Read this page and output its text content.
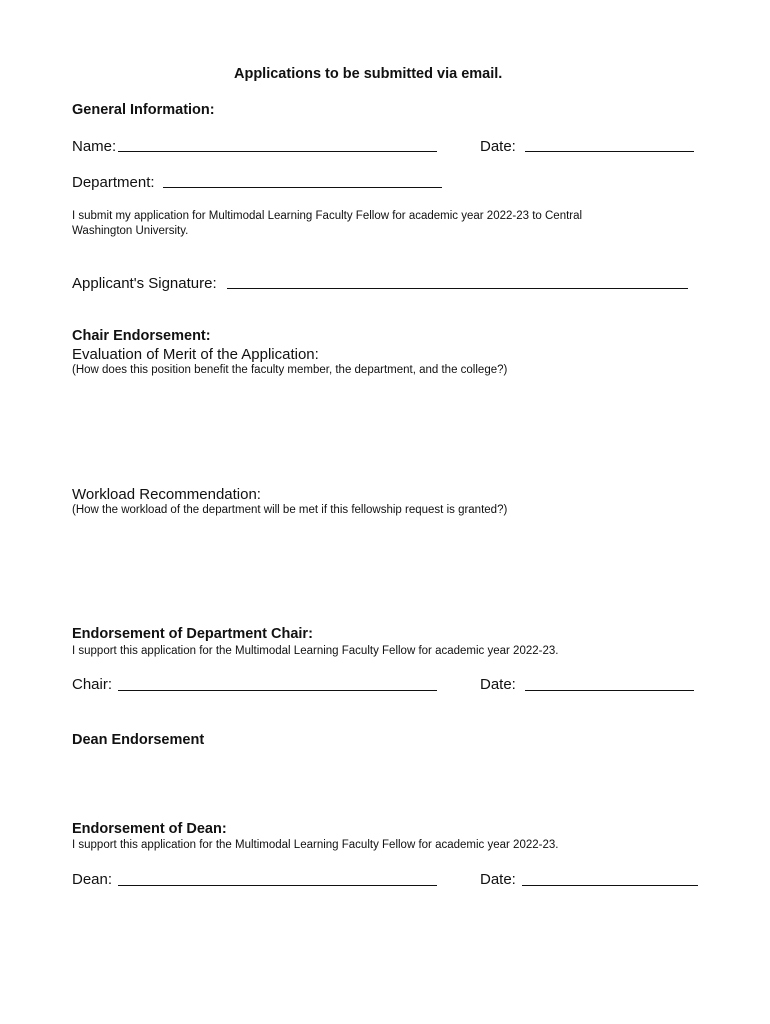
Applications to be submitted via email.
General Information:
Name:	Date:
Department:
I submit my application for Multimodal Learning Faculty Fellow for academic year 2022-23 to Central
Washington University.
Applicant's Signature:
Chair Endorsement:
Evaluation of Merit of the Application:
(How does this position benefit the faculty member, the department, and the college?)
Workload Recommendation:
(How the workload of the department will be met if this fellowship request is granted?)
Endorsement of Department Chair:
I support this application for the Multimodal Learning Faculty Fellow for academic year 2022-23.
Chair:	Date:
Dean Endorsement
Endorsement of Dean:
I support this application for the Multimodal Learning Faculty Fellow for academic year 2022-23.
Dean:	Date:
